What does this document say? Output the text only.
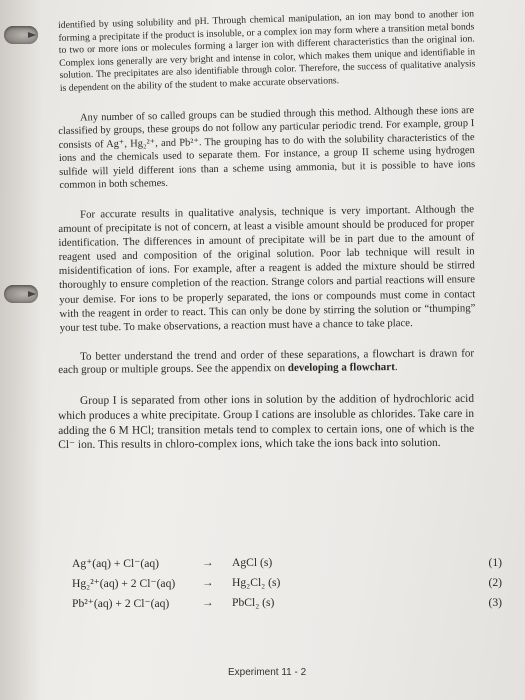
identified by using solubility and pH. Through chemical manipulation, an ion may bond to another ion forming a precipitate if the product is insoluble, or a complex ion may form where a transition metal bonds to two or more ions or molecules forming a larger ion with different characteristics than the original ion. Complex ions generally are very bright and intense in color, which makes them unique and identifiable in solution. The precipitates are also identifiable through color. Therefore, the success of qualitative analysis is dependent on the ability of the student to make accurate observations.

Any number of so called groups can be studied through this method. Although these ions are classified by groups, these groups do not follow any particular periodic trend. For example, group I consists of Ag⁺, Hg₂²⁺, and Pb²⁺. The grouping has to do with the solubility characteristics of the ions and the chemicals used to separate them. For instance, a group II scheme using hydrogen sulfide will yield different ions than a scheme using ammonia, but it is possible to have ions common in both schemes.

For accurate results in qualitative analysis, technique is very important. Although the amount of precipitate is not of concern, at least a visible amount should be produced for proper identification. The differences in amount of precipitate will be in part due to the amount of reagent used and composition of the original solution. Poor lab technique will result in misidentification of ions. For example, after a reagent is added the mixture should be stirred thoroughly to ensure completion of the reaction. Strange colors and partial reactions will ensure your demise. For ions to be properly separated, the ions or compounds must come in contact with the reagent in order to react. This can only be done by stirring the solution or “thumping” your test tube. To make observations, a reaction must have a chance to take place.

To better understand the trend and order of these separations, a flowchart is drawn for each group or multiple groups. See the appendix on developing a flowchart.

Group I is separated from other ions in solution by the addition of hydrochloric acid which produces a white precipitate. Group I cations are insoluble as chlorides. Take care in adding the 6 M HCl; transition metals tend to complex to certain ions, one of which is the Cl⁻ ion. This results in chloro-complex ions, which take the ions back into solution.

Ag⁺(aq) + Cl⁻(aq)	→ AgCl (s)	(1)
Hg₂²⁺(aq) + 2 Cl⁻(aq) → Hg₂Cl₂ (s)	(2)
Pb²⁺(aq) + 2 Cl⁻(aq)	→ PbCl₂ (s)	(3)
Experiment 11 - 2
